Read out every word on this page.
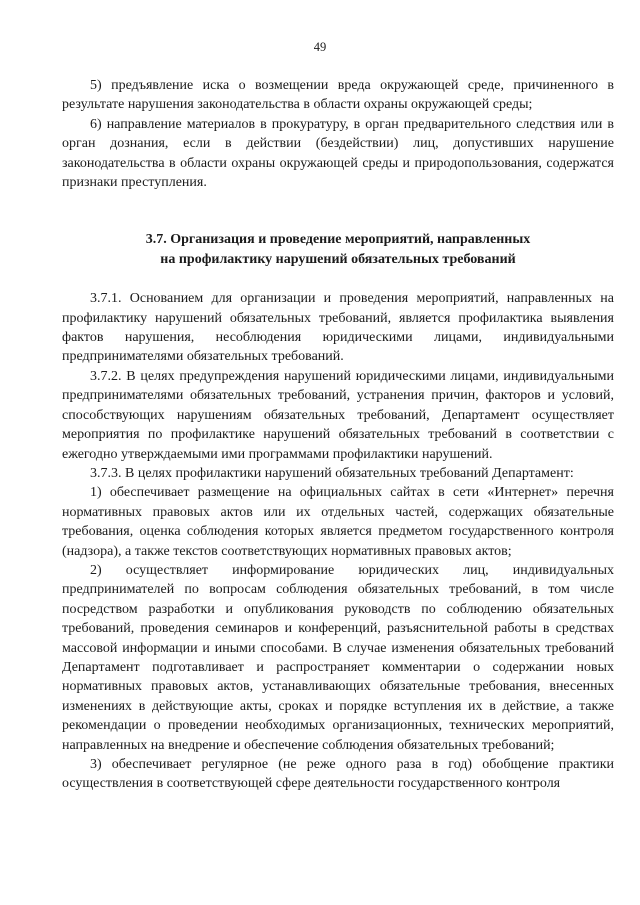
49

5) предъявление иска о возмещении вреда окружающей среде, причиненного в результате нарушения законодательства в области охраны окружающей среды;

6) направление материалов в прокуратуру, в орган предварительного следствия или в орган дознания, если в действии (бездействии) лиц, допустивших нарушение законодательства в области охраны окружающей среды и природопользования, содержатся признаки преступления.

3.7. Организация и проведение мероприятий, направленных

на профилактику нарушений обязательных требований

3.7.1. Основанием для организации и проведения мероприятий, направленных на профилактику нарушений обязательных требований, является профилактика выявления фактов нарушения, несоблюдения юридическими лицами, индивидуальными предпринимателями обязательных требований.

3.7.2. В целях предупреждения нарушений юридическими лицами, индивидуальными предпринимателями обязательных требований, устранения причин, факторов и условий, способствующих нарушениям обязательных требований, Департамент осуществляет мероприятия по профилактике нарушений обязательных требований в соответствии с ежегодно утверждаемыми ими программами профилактики нарушений.

3.7.3. В целях профилактики нарушений обязательных требований Департамент:

1) обеспечивает размещение на официальных сайтах в сети «Интернет» перечня нормативных правовых актов или их отдельных частей, содержащих обязательные требования, оценка соблюдения которых является предметом государственного контроля (надзора), а также текстов соответствующих нормативных правовых актов;

2) осуществляет информирование юридических лиц, индивидуальных предпринимателей по вопросам соблюдения обязательных требований, в том числе посредством разработки и опубликования руководств по соблюдению обязательных требований, проведения семинаров и конференций, разъяснительной работы в средствах массовой информации и иными способами. В случае изменения обязательных требований Департамент подготавливает и распространяет комментарии о содержании новых нормативных правовых актов, устанавливающих обязательные требования, внесенных изменениях в действующие акты, сроках и порядке вступления их в действие, а также рекомендации о проведении необходимых организационных, технических мероприятий, направленных на внедрение и обеспечение соблюдения обязательных требований;

3) обеспечивает регулярное (не реже одного раза в год) обобщение практики осуществления в соответствующей сфере деятельности государственного контроля
